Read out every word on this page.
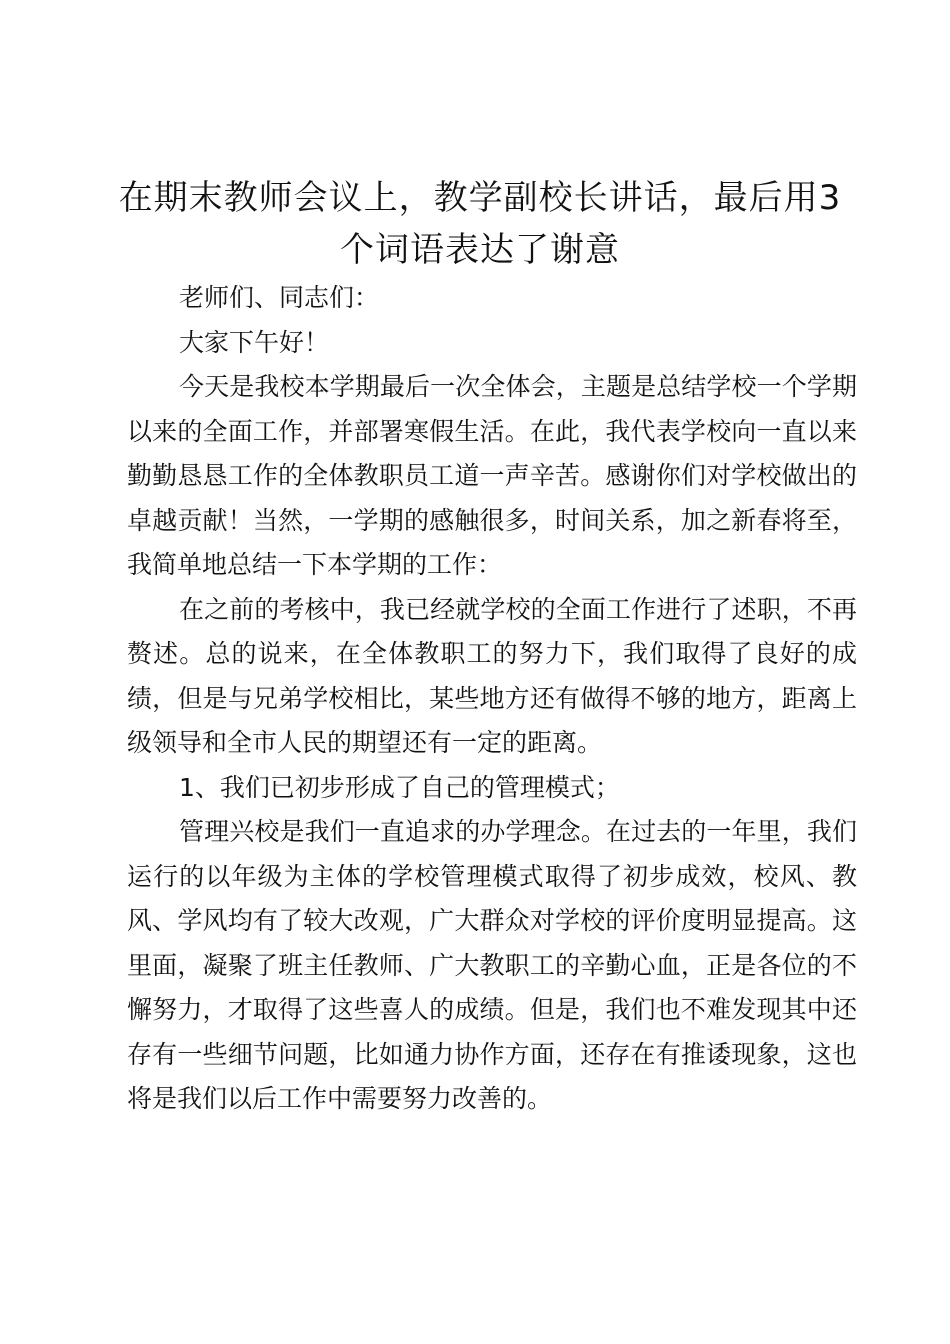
在期末教师会议上，教学副校长讲话，最后用3个词语表达了谢意

老师们、同志们：

大家下午好！

今天是我校本学期最后一次全体会，主题是总结学校一个学期以来的全面工作，并部署寒假生活。在此，我代表学校向一直以来勤勤恳恳工作的全体教职员工道一声辛苦。感谢你们对学校做出的卓越贡献！当然，一学期的感触很多，时间关系，加之新春将至，我简单地总结一下本学期的工作：

在之前的考核中，我已经就学校的全面工作进行了述职，不再赘述。总的说来，在全体教职工的努力下，我们取得了良好的成绩，但是与兄弟学校相比，某些地方还有做得不够的地方，距离上级领导和全市人民的期望还有一定的距离。

1、我们已初步形成了自己的管理模式；

管理兴校是我们一直追求的办学理念。在过去的一年里，我们运行的以年级为主体的学校管理模式取得了初步成效，校风、教风、学风均有了较大改观，广大群众对学校的评价度明显提高。这里面，凝聚了班主任教师、广大教职工的辛勤心血，正是各位的不懈努力，才取得了这些喜人的成绩。但是，我们也不难发现其中还存有一些细节问题，比如通力协作方面，还存在有推诿现象，这也将是我们以后工作中需要努力改善的。
